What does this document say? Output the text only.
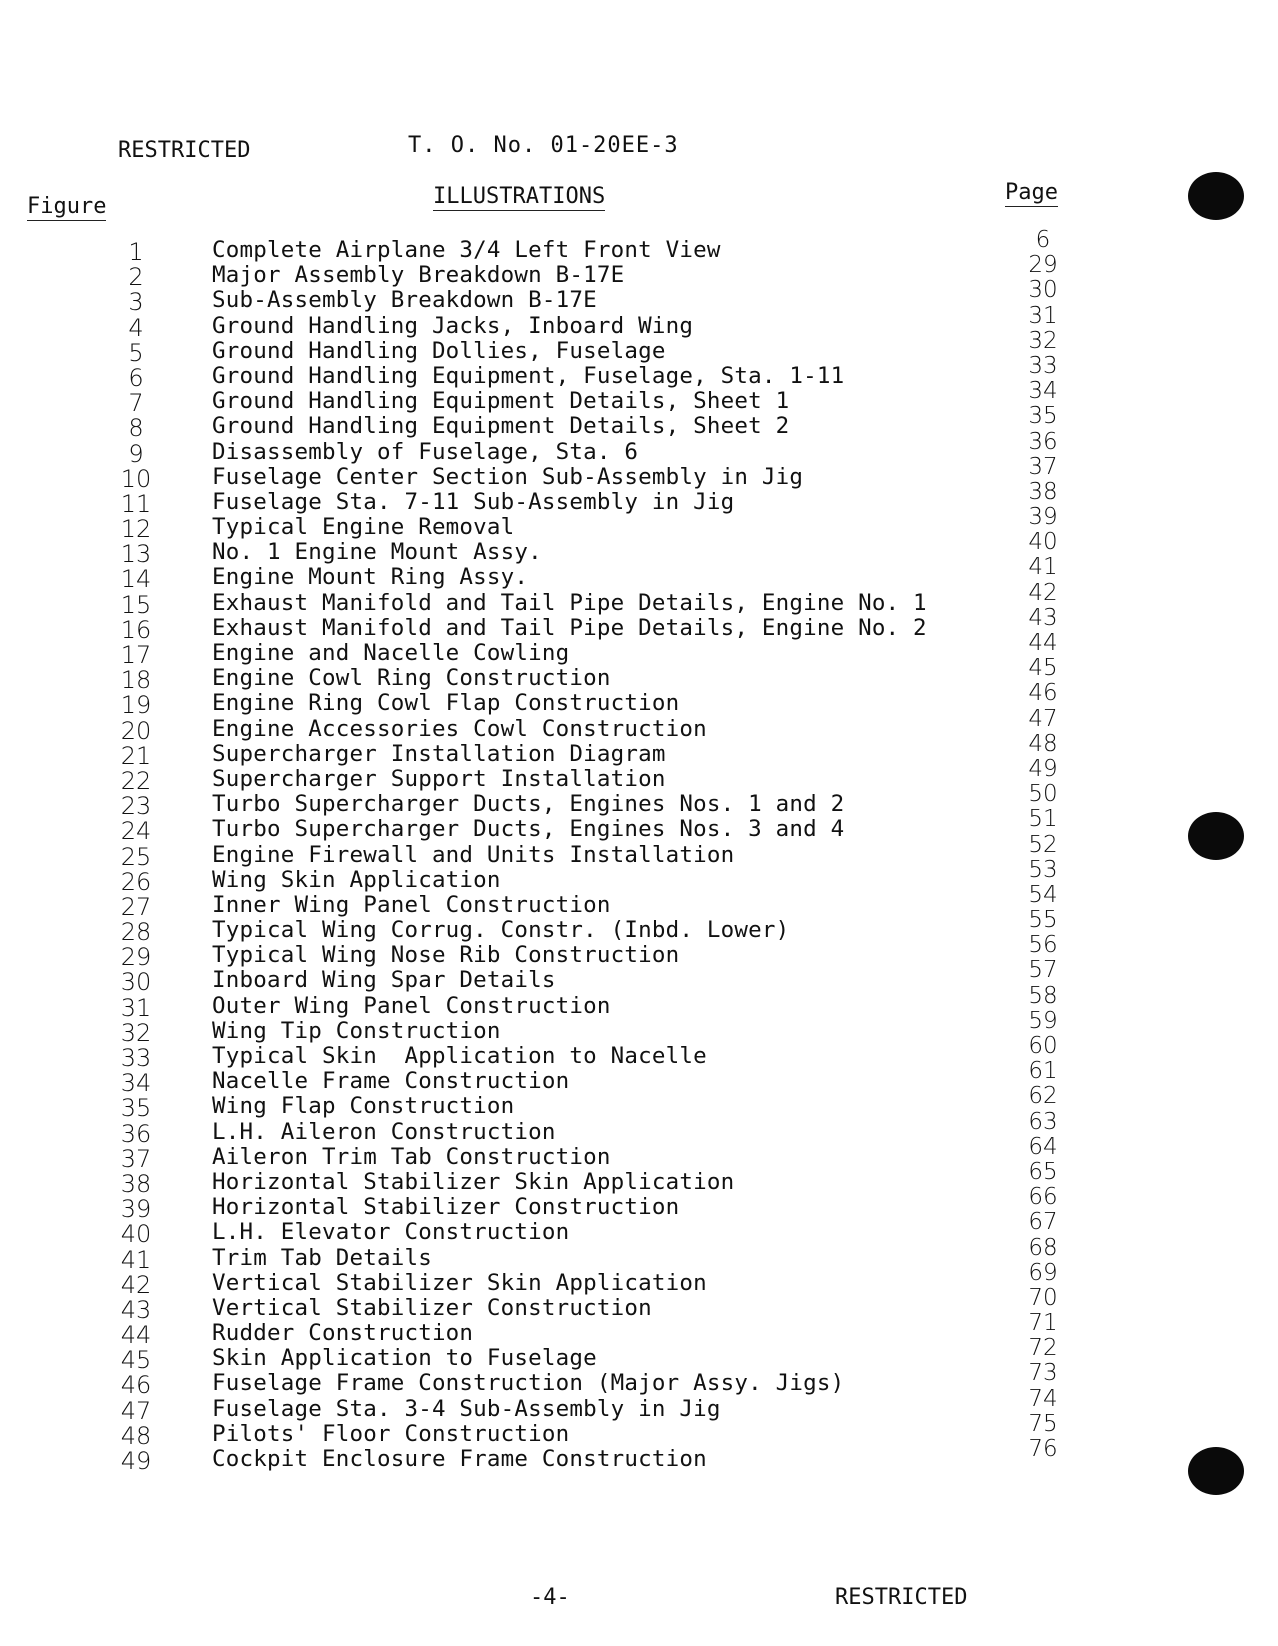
RESTRICTED	T. O. No. 01-20EE-3
Figure	ILLUSTRATIONS	Page
1	Complete Airplane 3/4 Left Front View	6
2	Major Assembly Breakdown B-17E	29
3	Sub-Assembly Breakdown B-17E	30
4	Ground Handling Jacks, Inboard Wing	31
5	Ground Handling Dollies, Fuselage	32
6	Ground Handling Equipment, Fuselage, Sta. 1-11	33
7	Ground Handling Equipment Details, Sheet 1	34
8	Ground Handling Equipment Details, Sheet 2	35
9	Disassembly of Fuselage, Sta. 6	36
10	Fuselage Center Section Sub-Assembly in Jig	37
11	Fuselage Sta. 7-11 Sub-Assembly in Jig	38
12	Typical Engine Removal	39
13	No. 1 Engine Mount Assy.	40
14	Engine Mount Ring Assy.	41
15	Exhaust Manifold and Tail Pipe Details, Engine No. 1	42
16	Exhaust Manifold and Tail Pipe Details, Engine No. 2	43
17	Engine and Nacelle Cowling	44
18	Engine Cowl Ring Construction	45
19	Engine Ring Cowl Flap Construction	46
20	Engine Accessories Cowl Construction	47
21	Supercharger Installation Diagram	48
22	Supercharger Support Installation	49
23	Turbo Supercharger Ducts, Engines Nos. 1 and 2	50
24	Turbo Supercharger Ducts, Engines Nos. 3 and 4	51
25	Engine Firewall and Units Installation	52
26	Wing Skin Application	53
27	Inner Wing Panel Construction	54
28	Typical Wing Corrug. Constr. (Inbd. Lower)	55
29	Typical Wing Nose Rib Construction	56
30	Inboard Wing Spar Details	57
31	Outer Wing Panel Construction	58
32	Wing Tip Construction	59
33	Typical Skin  Application to Nacelle	60
34	Nacelle Frame Construction	61
35	Wing Flap Construction	62
36	L.H. Aileron Construction	63
37	Aileron Trim Tab Construction	64
38	Horizontal Stabilizer Skin Application	65
39	Horizontal Stabilizer Construction	66
40	L.H. Elevator Construction	67
41	Trim Tab Details	68
42	Vertical Stabilizer Skin Application	69
43	Vertical Stabilizer Construction	70
44	Rudder Construction	71
45	Skin Application to Fuselage	72
46	Fuselage Frame Construction (Major Assy. Jigs)	73
47	Fuselage Sta. 3-4 Sub-Assembly in Jig	74
48	Pilots' Floor Construction	75
49	Cockpit Enclosure Frame Construction	76
-4-	RESTRICTED
